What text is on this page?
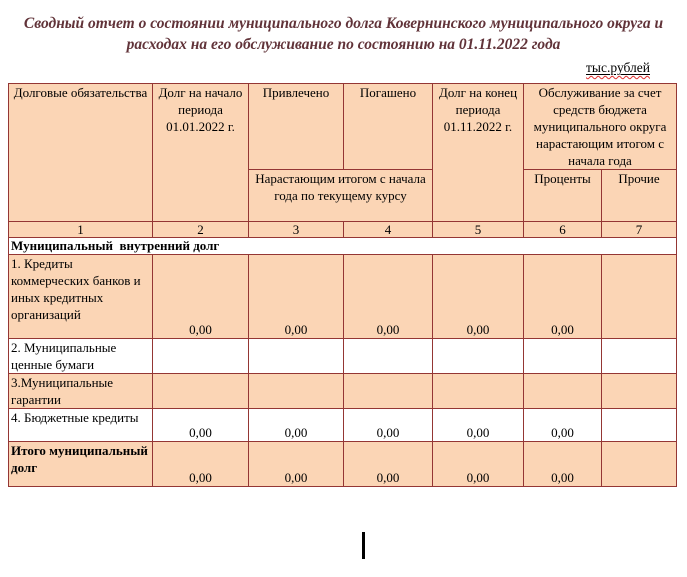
Сводный отчет о состоянии муниципального долга Ковернинского муниципального округа и расходах на его обслуживание по состоянию на 01.11.2022 года
тыс.рублей
Долговые обязательства	Долг на начало периода 01.01.2022 г.	Привлечено	Погашено	Долг на конец периода 01.11.2022 г.	Обслуживание за счет средств бюджета муниципального округа нарастающим итогом с начала года	
		Нарастающим итогом с начала года по текущему курсу			Проценты	Прочие
1	2	3	4	5	6	7
Муниципальный  внутренний долг						
1. Кредиты коммерческих банков и иных кредитных организаций	0,00	0,00	0,00	0,00	0,00	
2. Муниципальные ценные бумаги						
3.Муниципальные гарантии						
4. Бюджетные кредиты	0,00	0,00	0,00	0,00	0,00	
Итого муниципальный долг	0,00	0,00	0,00	0,00	0,00	
